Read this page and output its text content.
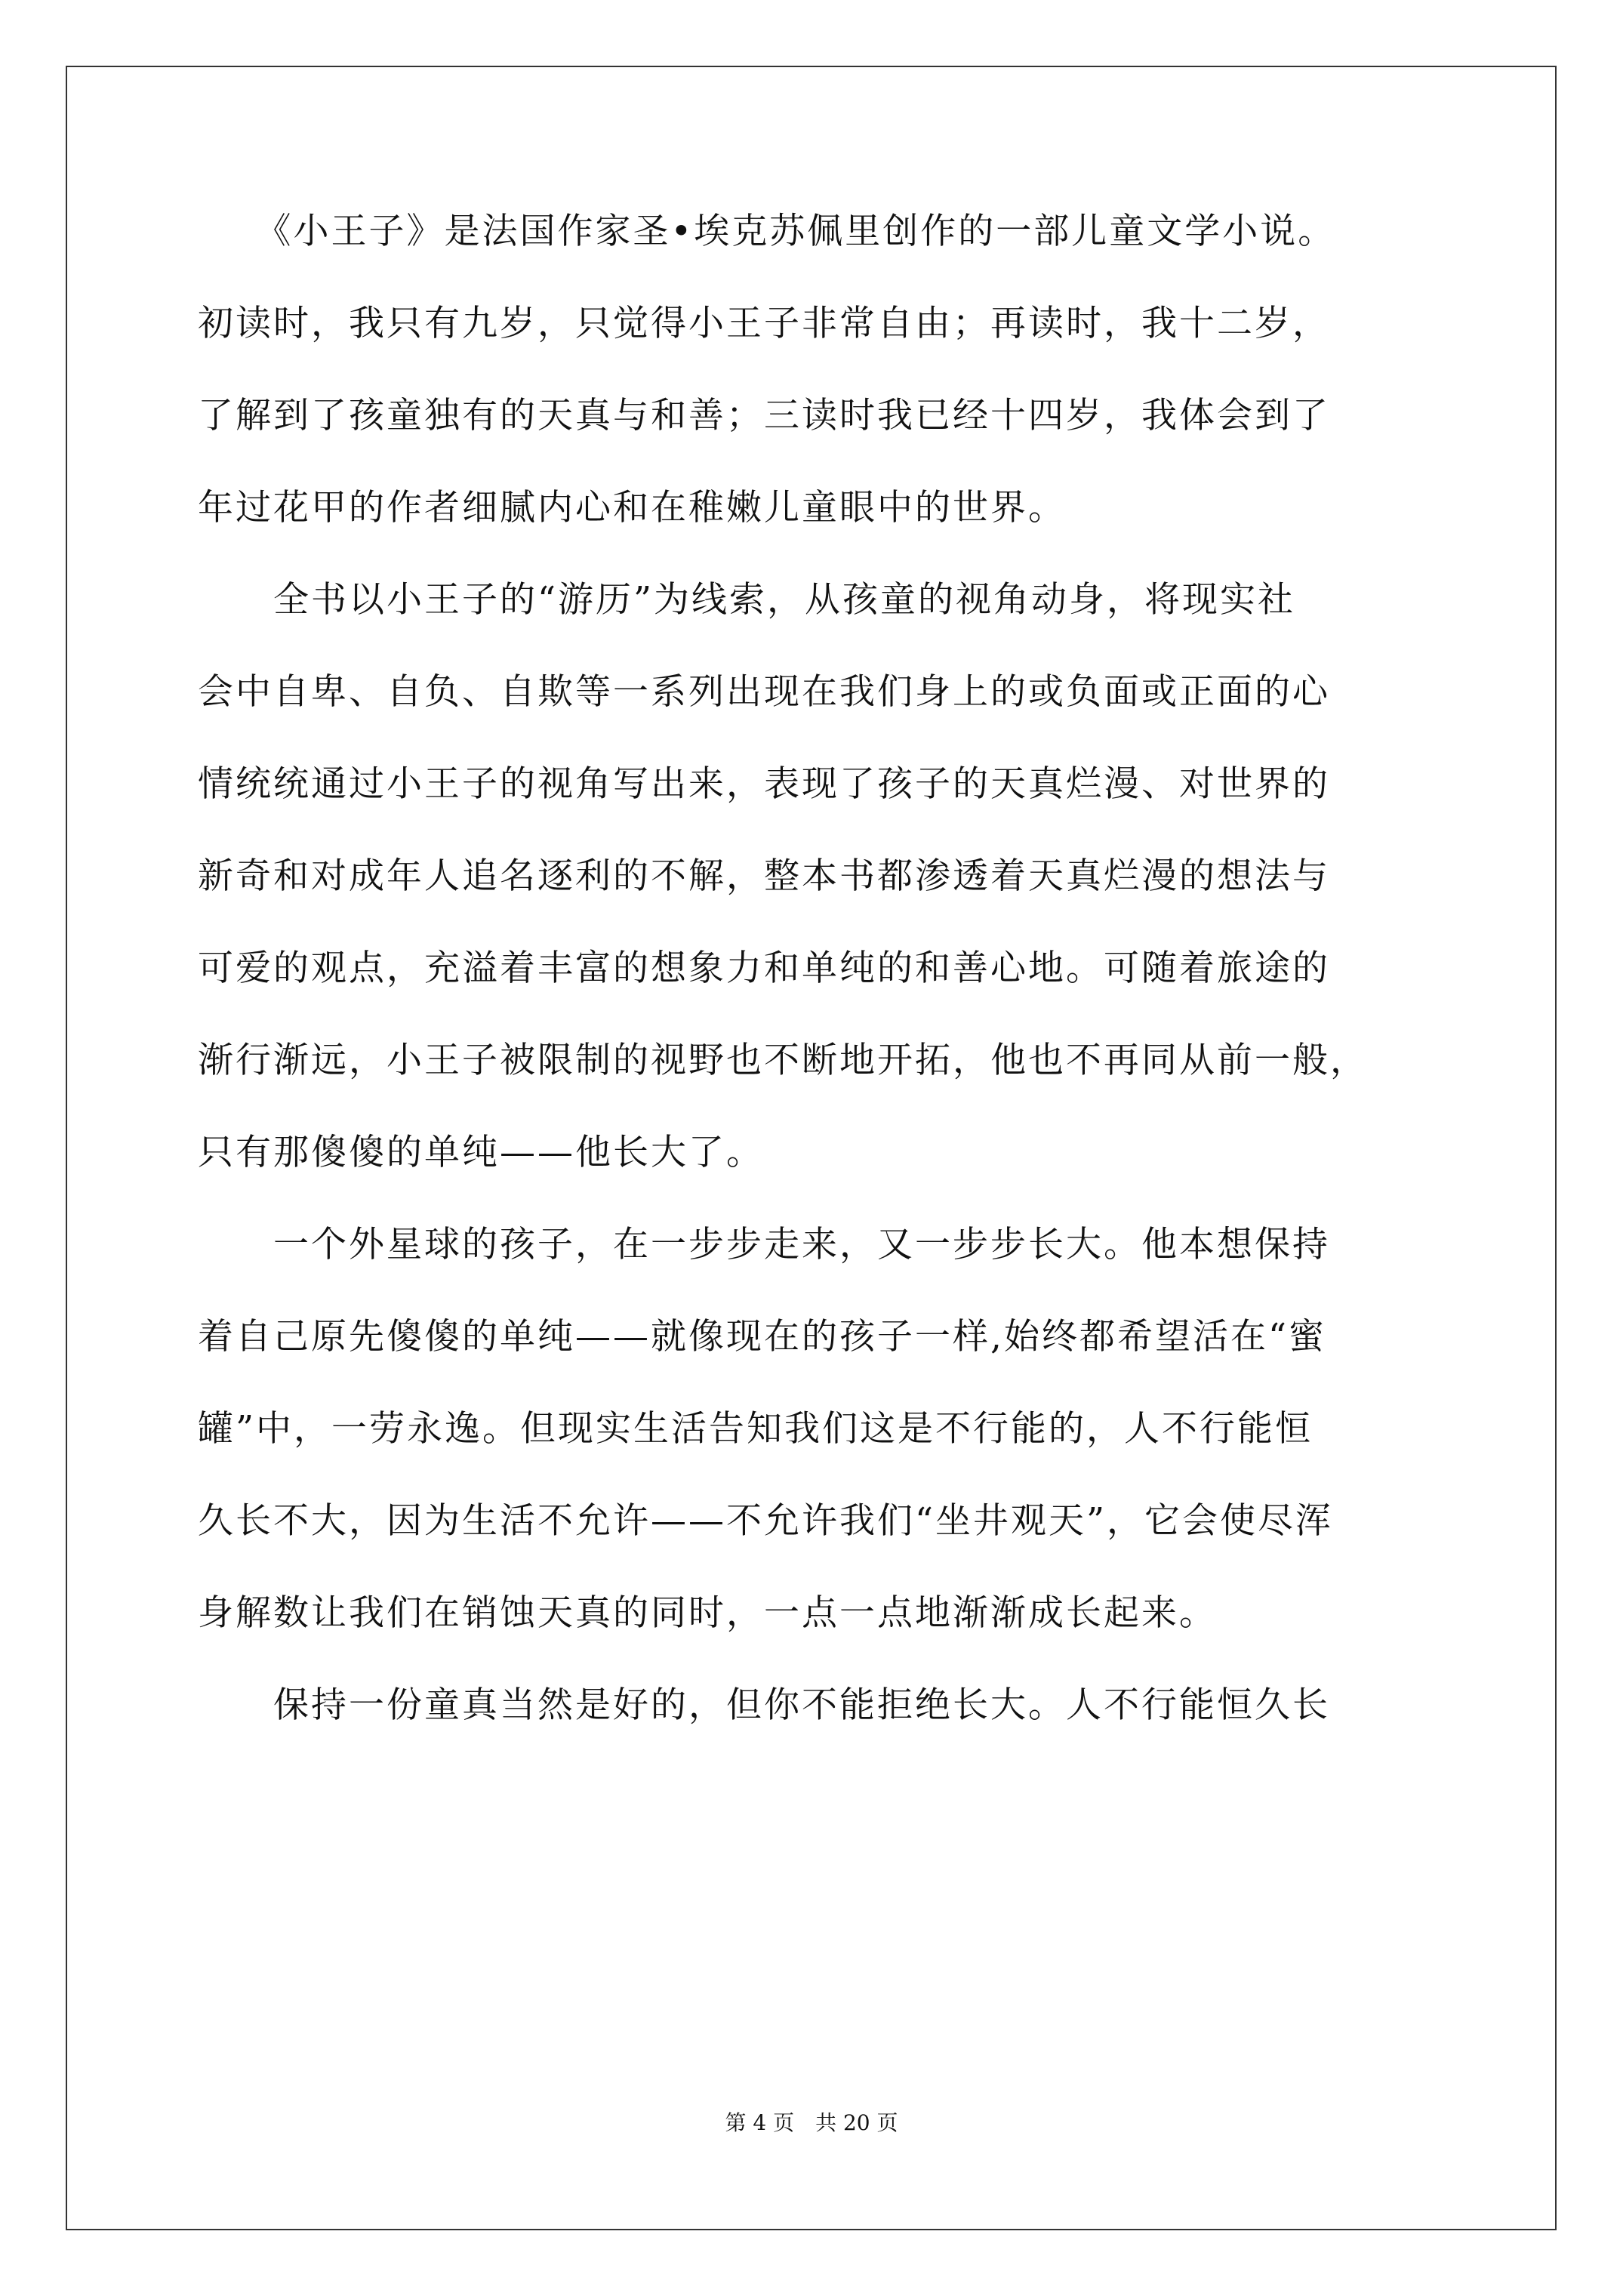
　　《小王子》是法国作家圣•埃克苏佩里创作的一部儿童文学小说。
初读时，我只有九岁，只觉得小王子非常自由；再读时，我十二岁，
了解到了孩童独有的天真与和善；三读时我已经十四岁，我体会到了
年过花甲的作者细腻内心和在稚嫩儿童眼中的世界。
　　全书以小王子的“游历”为线索，从孩童的视角动身，将现实社
会中自卑、自负、自欺等一系列出现在我们身上的或负面或正面的心
情统统通过小王子的视角写出来，表现了孩子的天真烂漫、对世界的
新奇和对成年人追名逐利的不解，整本书都渗透着天真烂漫的想法与
可爱的观点，充溢着丰富的想象力和单纯的和善心地。可随着旅途的
渐行渐远，小王子被限制的视野也不断地开拓，他也不再同从前一般，
只有那傻傻的单纯——他长大了。
　　一个外星球的孩子，在一步步走来，又一步步长大。他本想保持
着自己原先傻傻的单纯——就像现在的孩子一样,始终都希望活在“蜜
罐”中，一劳永逸。但现实生活告知我们这是不行能的，人不行能恒
久长不大，因为生活不允许——不允许我们“坐井观天”，它会使尽浑
身解数让我们在销蚀天真的同时，一点一点地渐渐成长起来。
　　保持一份童真当然是好的，但你不能拒绝长大。人不行能恒久长
第 4 页　共 20 页
